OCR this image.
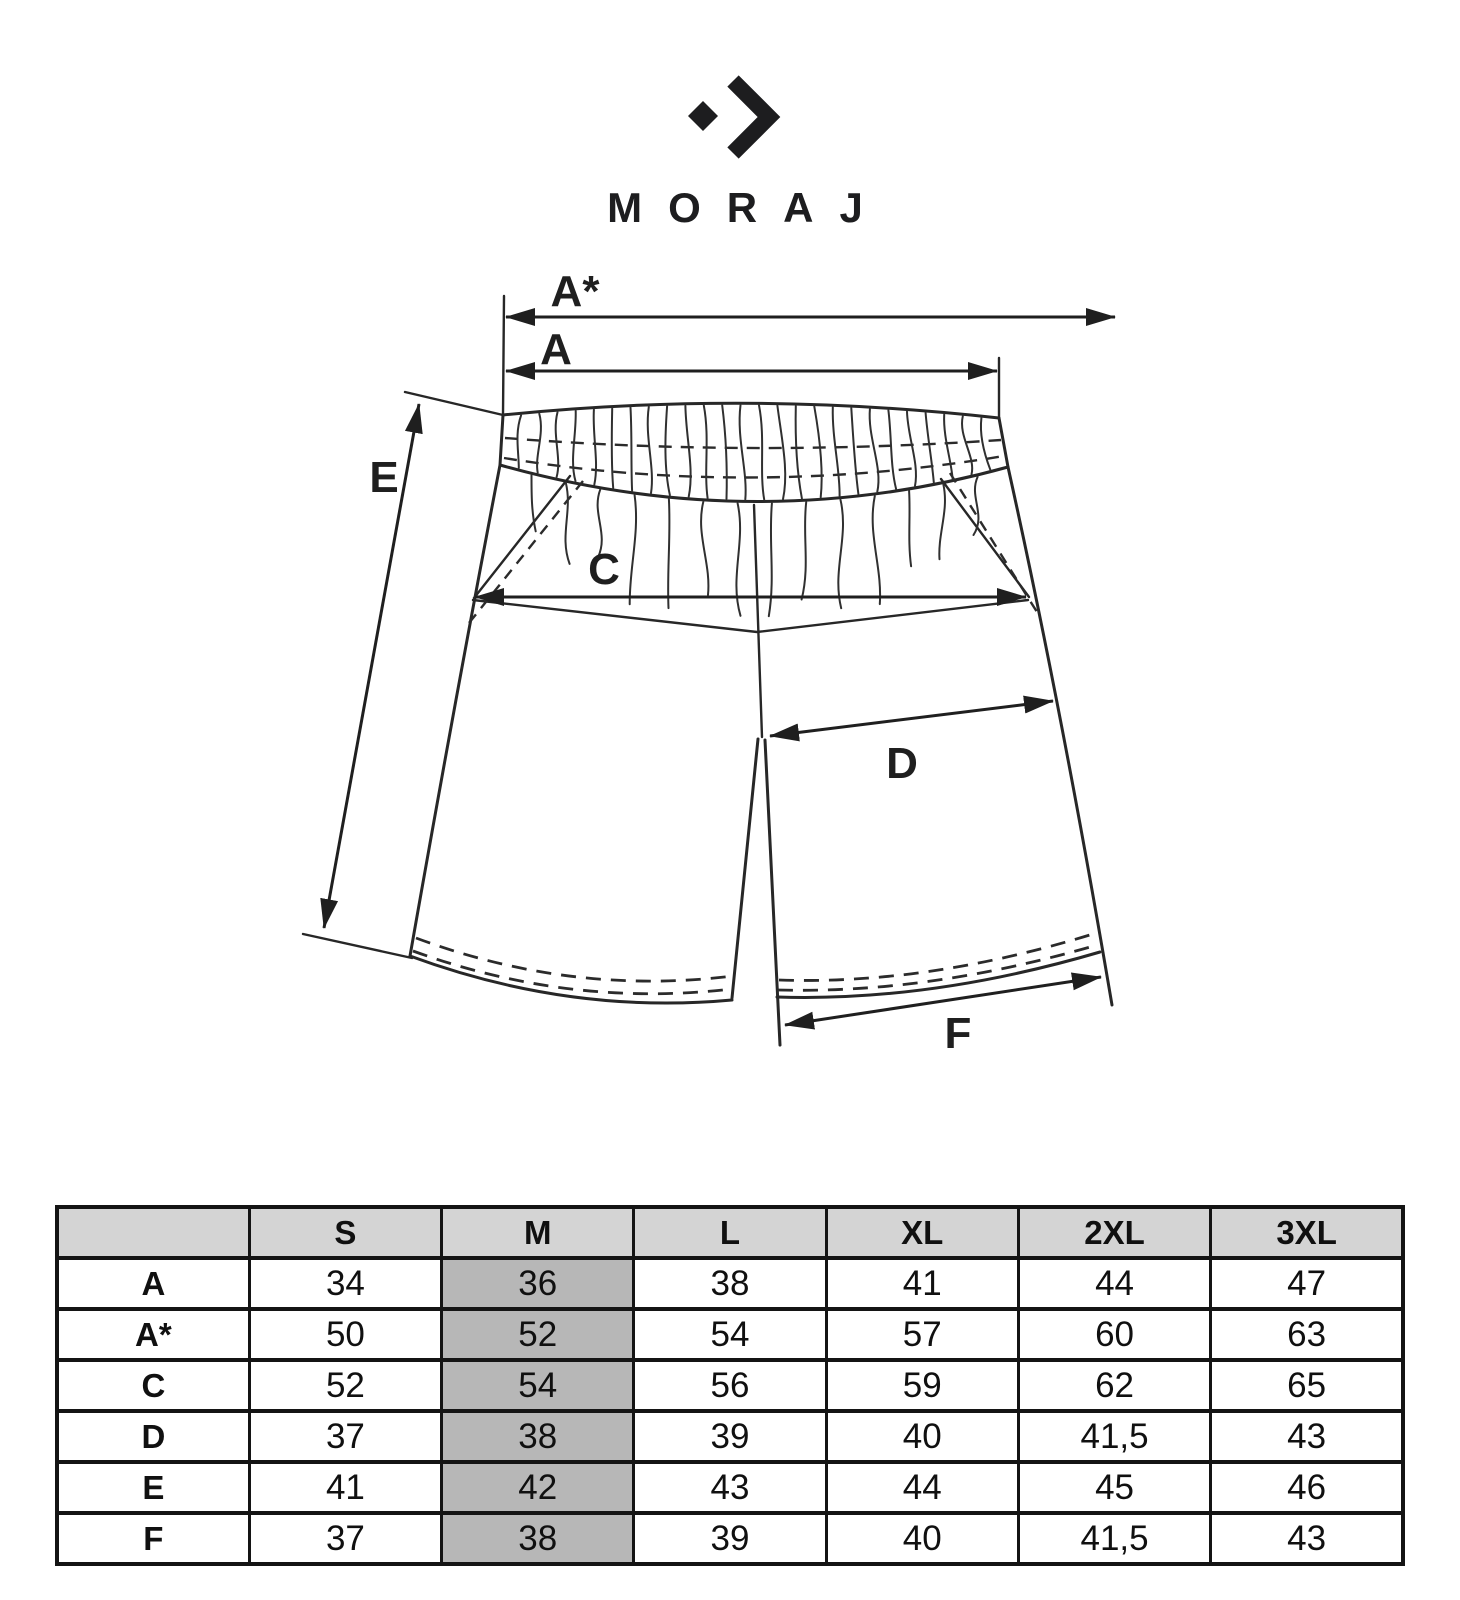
MORAJ
A*
A
E
C
D
F
	S	M	L	XL	2XL	3XL
A	34	36	38	41	44	47
A*	50	52	54	57	60	63
C	52	54	56	59	62	65
D	37	38	39	40	41,5	43
E	41	42	43	44	45	46
F	37	38	39	40	41,5	43
